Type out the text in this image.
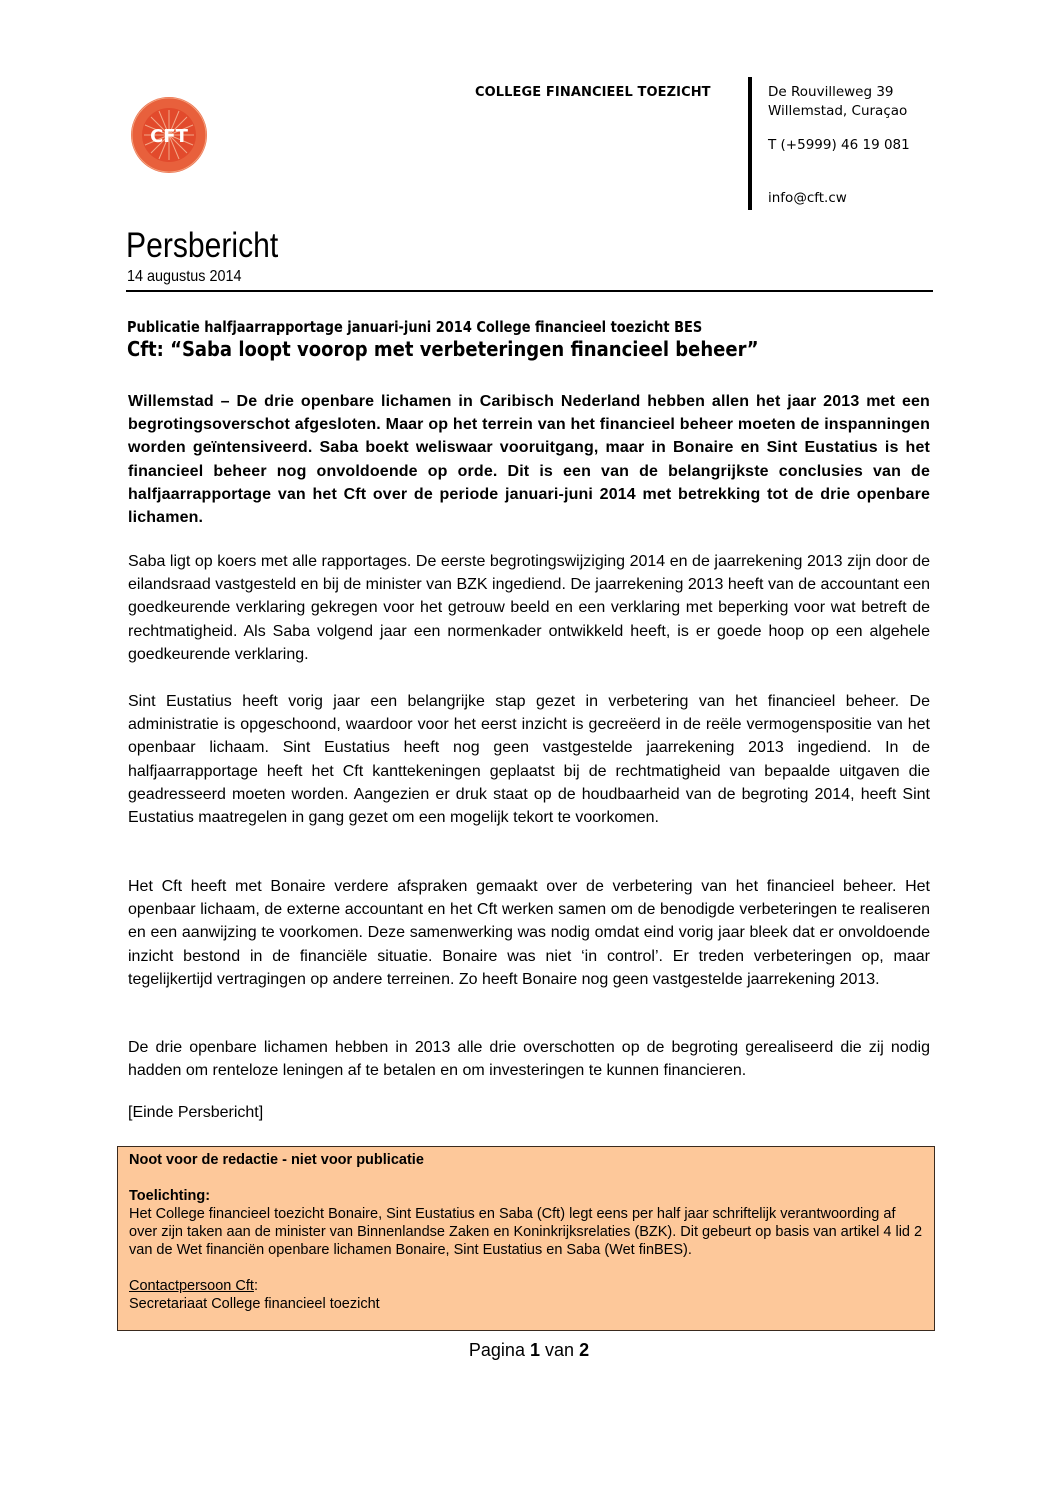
CFT
COLLEGE FINANCIEEL TOEZICHT	De Rouvilleweg 39
Willemstad, Curaçao
T (+5999) 46 19 081
info@cft.cw
Persbericht
14 augustus 2014
Publicatie halfjaarrapportage januari-juni 2014 College financieel toezicht BES
Cft: “Saba loopt voorop met verbeteringen financieel beheer”
Willemstad – De drie openbare lichamen in Caribisch Nederland hebben allen het jaar 2013 met een begrotingsoverschot afgesloten. Maar op het terrein van het financieel beheer moeten de inspanningen worden geïntensiveerd. Saba boekt weliswaar vooruitgang, maar in Bonaire en Sint Eustatius is het financieel beheer nog onvoldoende op orde. Dit is een van de belangrijkste conclusies van de halfjaarrapportage van het Cft over de periode januari-juni 2014 met betrekking tot de drie openbare lichamen.
Saba ligt op koers met alle rapportages. De eerste begrotingswijziging 2014 en de jaarrekening 2013 zijn door de eilandsraad vastgesteld en bij de minister van BZK ingediend. De jaarrekening 2013 heeft van de accountant een goedkeurende verklaring gekregen voor het getrouw beeld en een verklaring met beperking voor wat betreft de rechtmatigheid. Als Saba volgend jaar een normenkader ontwikkeld heeft, is er goede hoop op een algehele goedkeurende verklaring.
Sint Eustatius heeft vorig jaar een belangrijke stap gezet in verbetering van het financieel beheer. De administratie is opgeschoond, waardoor voor het eerst inzicht is gecreëerd in de reële vermogenspositie van het openbaar lichaam. Sint Eustatius heeft nog geen vastgestelde jaarrekening 2013 ingediend. In de halfjaarrapportage heeft het Cft kanttekeningen geplaatst bij de rechtmatigheid van bepaalde uitgaven die geadresseerd moeten worden. Aangezien er druk staat op de houdbaarheid van de begroting 2014, heeft Sint Eustatius maatregelen in gang gezet om een mogelijk tekort te voorkomen.
Het Cft heeft met Bonaire verdere afspraken gemaakt over de verbetering van het financieel beheer. Het openbaar lichaam, de externe accountant en het Cft werken samen om de benodigde verbeteringen te realiseren en een aanwijzing te voorkomen. Deze samenwerking was nodig omdat eind vorig jaar bleek dat er onvoldoende inzicht bestond in de financiële situatie. Bonaire was niet ‘in control’. Er treden verbeteringen op, maar tegelijkertijd vertragingen op andere terreinen. Zo heeft Bonaire nog geen vastgestelde jaarrekening 2013.
De drie openbare lichamen hebben in 2013 alle drie overschotten op de begroting gerealiseerd die zij nodig hadden om renteloze leningen af te betalen en om investeringen te kunnen financieren.
[Einde Persbericht]
Noot voor de redactie - niet voor publicatie
Toelichting:
Het College financieel toezicht Bonaire, Sint Eustatius en Saba (Cft) legt eens per half jaar schriftelijk verantwoording af over zijn taken aan de minister van Binnenlandse Zaken en Koninkrijksrelaties (BZK). Dit gebeurt op basis van artikel 4 lid 2 van de Wet financiën openbare lichamen Bonaire, Sint Eustatius en Saba (Wet finBES).
Contactpersoon Cft:
Secretariaat College financieel toezicht
Pagina 1 van 2
